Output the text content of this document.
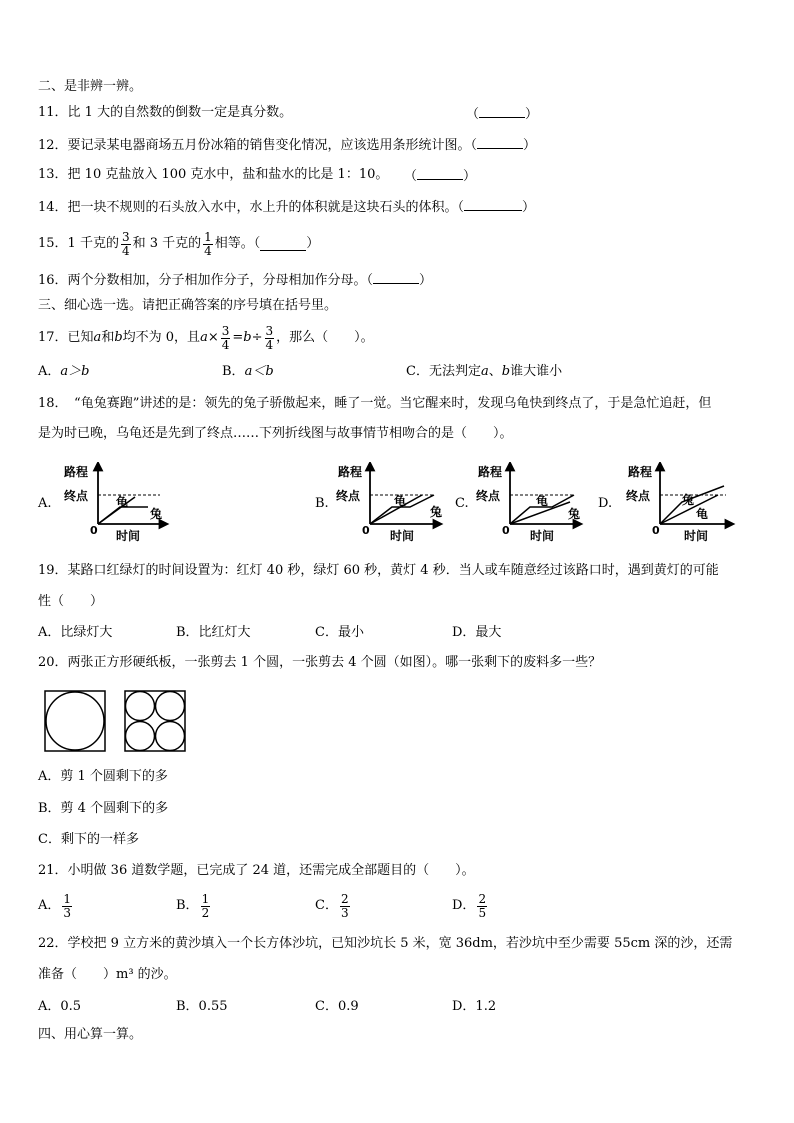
二、是非辨一辨。
11．比 1 大的自然数的倒数一定是真分数。	（	）
12．要记录某电器商场五月份冰箱的销售变化情况，应该选用条形统计图。（	）
13．把 10 克盐放入 100 克水中，盐和盐水的比是 1：10。 （	）
14．把一块不规则的石头放入水中，水上升的体积就是这块石头的体积。（	）
15．1 千克的 $\frac{3}{4}$ 和 3 千克的 $\frac{1}{4}$ 相等。（	）
16．两个分数相加，分子相加作分子，分母相加作分母。（	）
三、细心选一选。请把正确答案的序号填在括号里。
17．已知 a 和 b 均不为 0，且 $a \times \frac{3}{4} = b \div \frac{3}{4}$ ，那么（　　）。
A．a＞b	B．a＜b	C．无法判定a、b谁大谁小
18．　“龟兔赛跑”讲述的是：领先的兔子骄傲起来，睡了一觉。当它醒来时，发现乌龟快到终点了，于是急忙追赶，但
是为时已晚，乌龟还是先到了终点……下列折线图与故事情节相吻合的是（　　）。
A.
路程
终点
0 时间
龟
兔
B.
路程
终点
0 时间
龟
兔
C.
路程
终点
0 时间
龟
兔
D.
路程
终点
0 时间
兔
龟
19．某路口红绿灯的时间设置为：红灯 40 秒，绿灯 60 秒，黄灯 4 秒．当人或车随意经过该路口时，遇到黄灯的可能
性（　　）
A．比绿灯大	B．比红灯大	C．最小	D．最大
20．两张正方形硬纸板，一张剪去 1 个圆，一张剪去 4 个圆（如图）。哪一张剩下的废料多一些？
A．剪 1 个圆剩下的多
B．剪 4 个圆剩下的多
C．剩下的一样多
21．小明做 36 道数学题，已完成了 24 道，还需完成全部题目的（　　）。
A． $\frac{1}{3}$	B． $\frac{1}{2}$	C． $\frac{2}{3}$	D． $\frac{2}{5}$
22．学校把 9 立方米的黄沙填入一个长方体沙坑，已知沙坑长 5 米，宽 36dm，若沙坑中至少需要 55cm 深的沙，还需
准备（　　）m³ 的沙。
A．0.5	B．0.55	C．0.9	D．1.2
四、用心算一算。
